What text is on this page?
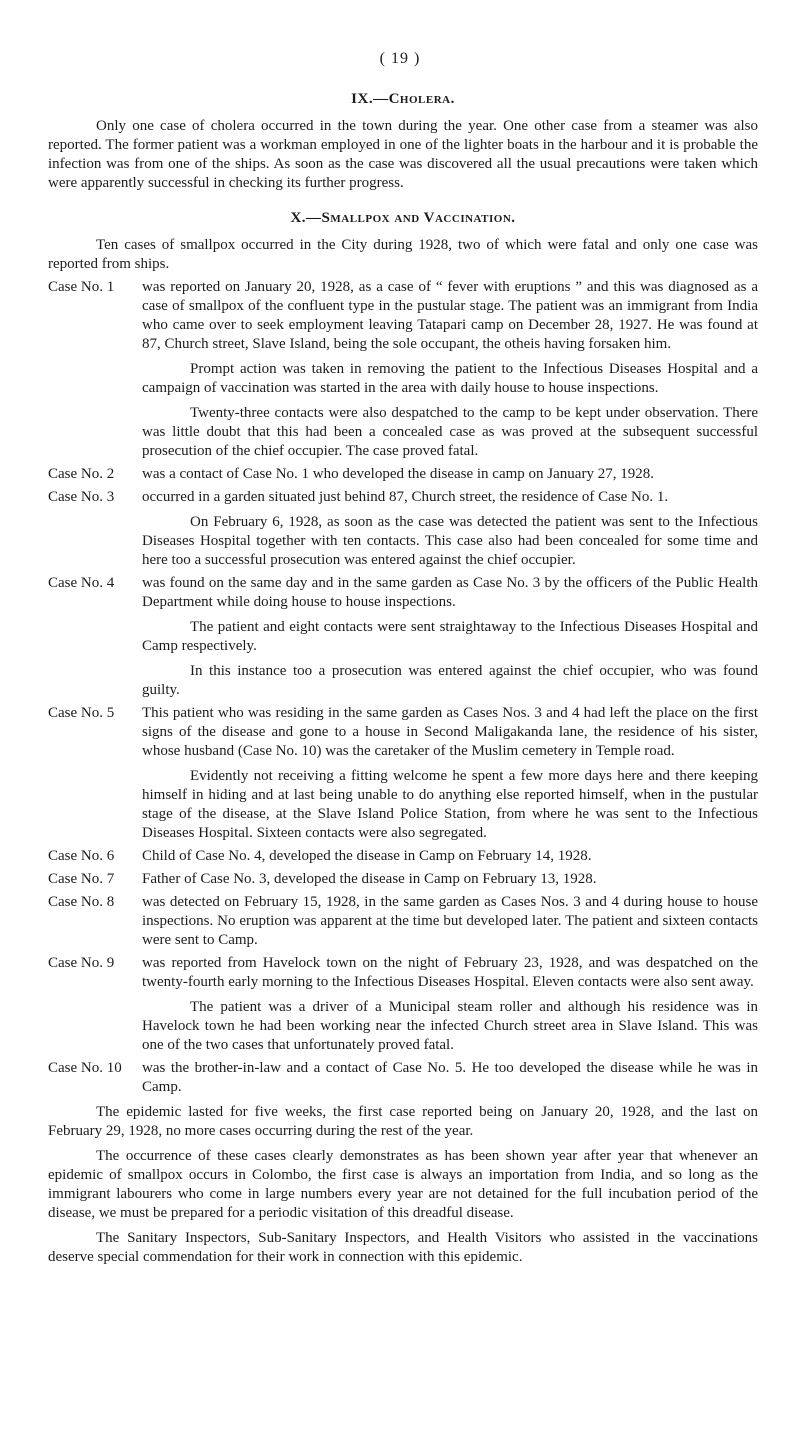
( 19 )
IX.—Cholera.

Only one case of cholera occurred in the town during the year. One other case from a steamer was also reported. The former patient was a workman employed in one of the lighter boats in the harbour and it is probable the infection was from one of the ships. As soon as the case was discovered all the usual precautions were taken which were apparently successful in checking its further progress.

X.—Smallpox and Vaccination.

Ten cases of smallpox occurred in the City during 1928, two of which were fatal and only one case was reported from ships.

Case No. 1	was reported on January 20, 1928, as a case of “ fever with eruptions ” and this was diagnosed as a case of smallpox of the confluent type in the pustular stage. The patient was an immigrant from India who came over to seek employment leaving Tatapari camp on December 28, 1927. He was found at 87, Church street, Slave Island, being the sole occupant, the otheis having forsaken him.

Prompt action was taken in removing the patient to the Infectious Diseases Hospital and a campaign of vaccination was started in the area with daily house to house inspections.

Twenty-three contacts were also despatched to the camp to be kept under observation. There was little doubt that this had been a concealed case as was proved at the subsequent successful prosecution of the chief occupier. The case proved fatal.

Case No. 2	was a contact of Case No. 1 who developed the disease in camp on January 27, 1928.

Case No. 3	occurred in a garden situated just behind 87, Church street, the residence of Case No. 1.

On February 6, 1928, as soon as the case was detected the patient was sent to the Infectious Diseases Hospital together with ten contacts. This case also had been concealed for some time and here too a successful prosecution was entered against the chief occupier.

Case No. 4	was found on the same day and in the same garden as Case No. 3 by the officers of the Public Health Department while doing house to house inspections.

The patient and eight contacts were sent straightaway to the Infectious Diseases Hospital and Camp respectively.

In this instance too a prosecution was entered against the chief occupier, who was found guilty.

Case No. 5	This patient who was residing in the same garden as Cases Nos. 3 and 4 had left the place on the first signs of the disease and gone to a house in Second Maligakanda lane, the residence of his sister, whose husband (Case No. 10) was the caretaker of the Muslim cemetery in Temple road.

Evidently not receiving a fitting welcome he spent a few more days here and there keeping himself in hiding and at last being unable to do anything else reported himself, when in the pustular stage of the disease, at the Slave Island Police Station, from where he was sent to the Infectious Diseases Hospital. Sixteen contacts were also segregated.

Case No. 6	Child of Case No. 4, developed the disease in Camp on February 14, 1928.

Case No. 7	Father of Case No. 3, developed the disease in Camp on February 13, 1928.

Case No. 8	was detected on February 15, 1928, in the same garden as Cases Nos. 3 and 4 during house to house inspections. No eruption was apparent at the time but developed later. The patient and sixteen contacts were sent to Camp.

Case No. 9	was reported from Havelock town on the night of February 23, 1928, and was despatched on the twenty-fourth early morning to the Infectious Diseases Hospital. Eleven contacts were also sent away.

The patient was a driver of a Municipal steam roller and although his residence was in Havelock town he had been working near the infected Church street area in Slave Island. This was one of the two cases that unfortunately proved fatal.

Case No. 10	was the brother-in-law and a contact of Case No. 5. He too developed the disease while he was in Camp.

The epidemic lasted for five weeks, the first case reported being on January 20, 1928, and the last on February 29, 1928, no more cases occurring during the rest of the year.

The occurrence of these cases clearly demonstrates as has been shown year after year that whenever an epidemic of smallpox occurs in Colombo, the first case is always an importation from India, and so long as the immigrant labourers who come in large numbers every year are not detained for the full incubation period of the disease, we must be prepared for a periodic visitation of this dreadful disease.

The Sanitary Inspectors, Sub-Sanitary Inspectors, and Health Visitors who assisted in the vaccinations deserve special commendation for their work in connection with this epidemic.
